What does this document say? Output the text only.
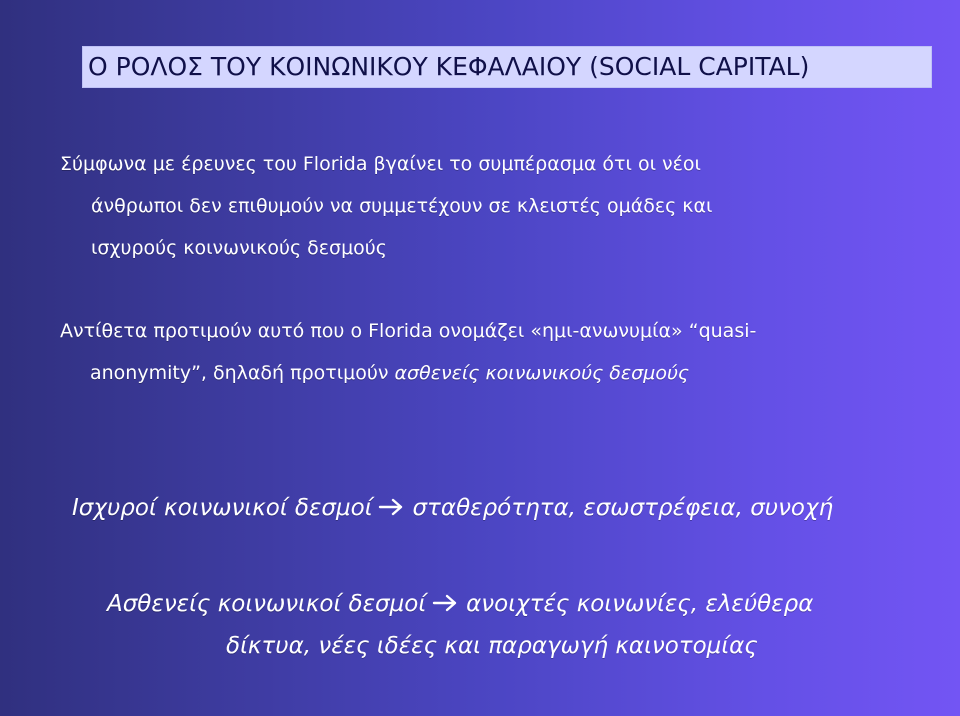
Ο ΡΟΛΟΣ ΤΟΥ ΚΟΙΝΩΝΙΚΟΥ ΚΕΦΑΛΑΙΟΥ (SOCIAL CAPITAL)
Σύμφωνα με έρευνες του Florida βγαίνει το συμπέρασμα ότι οι νέοι
άνθρωποι δεν επιθυμούν να συμμετέχουν σε κλειστές ομάδες και
ισχυρούς κοινωνικούς δεσμούς
Αντίθετα προτιμούν αυτό που ο Florida ονομάζει «ημι-ανωνυμία» “quasi-
anonymity”, δηλαδή προτιμούν ασθενείς κοινωνικούς δεσμούς
Ισχυροί κοινωνικοί δεσμοί σταθερότητα, εσωστρέφεια, συνοχή
Ασθενείς κοινωνικοί δεσμοί ανοιχτές κοινωνίες, ελεύθερα
δίκτυα, νέες ιδέες και παραγωγή καινοτομίας
